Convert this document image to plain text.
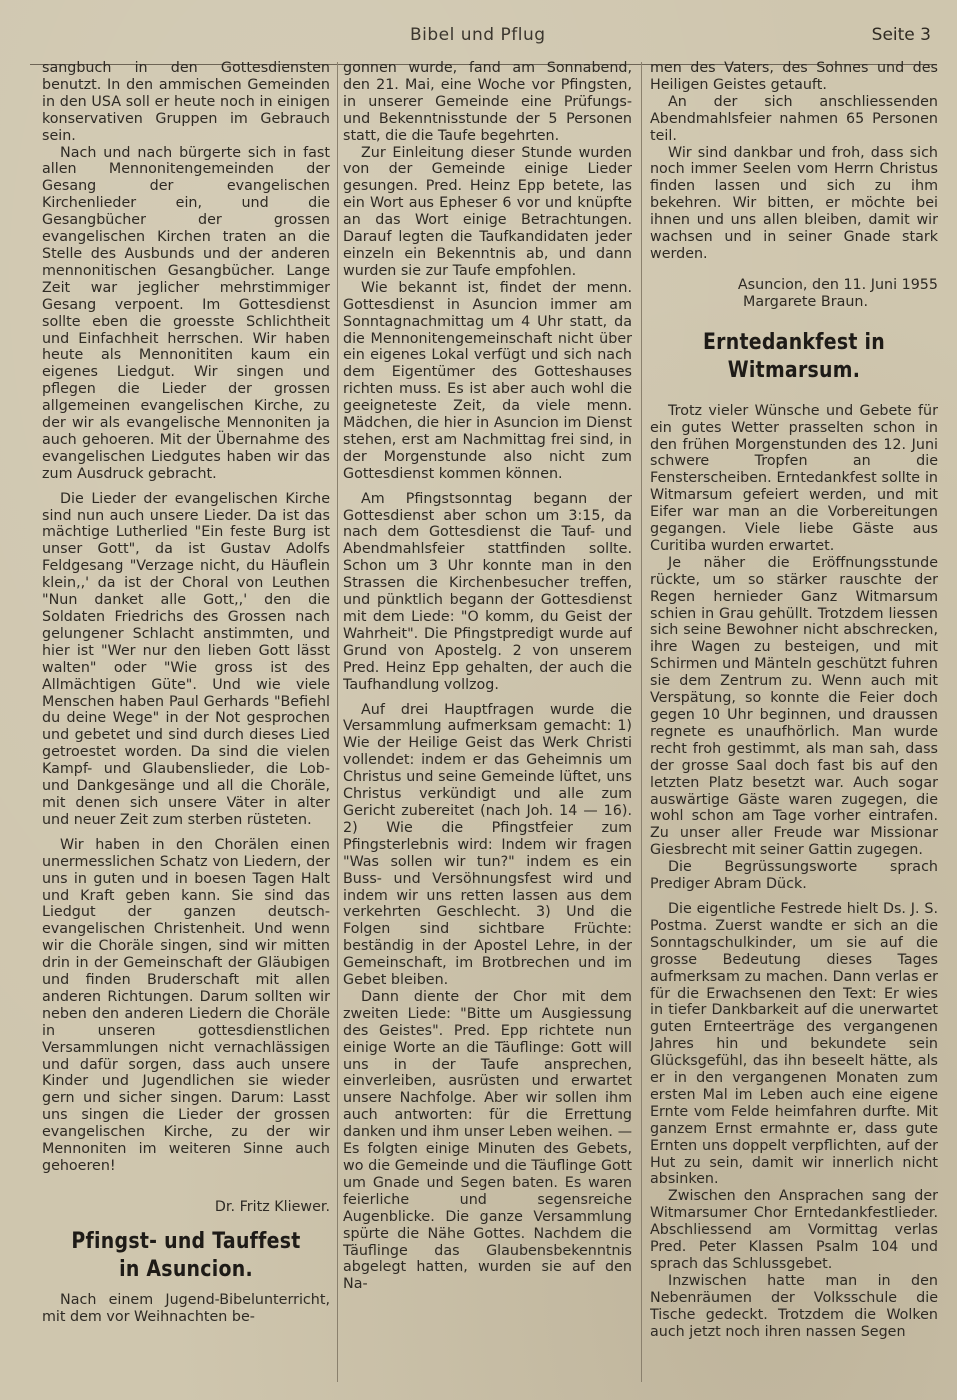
Bibel und Pflug	Seite 3

sangbuch in den Gottesdiensten benutzt. In den ammischen Gemeinden in den USA soll er heute noch in einigen konservativen Gruppen im Gebrauch sein.

Nach und nach bürgerte sich in fast allen Mennonitengemeinden der Gesang der evangelischen Kirchenlieder ein, und die Gesangbücher der grossen evangelischen Kirchen traten an die Stelle des Ausbunds und der anderen mennonitischen Gesangbücher. Lange Zeit war jeglicher mehrstimmiger Gesang verpoent. Im Gottesdienst sollte eben die groesste Schlichtheit und Einfachheit herrschen. Wir haben heute als Mennonititen kaum ein eigenes Liedgut. Wir singen und pflegen die Lieder der grossen allgemeinen evangelischen Kirche, zu der wir als evangelische Mennoniten ja auch gehoeren. Mit der Übernahme des evangelischen Liedgutes haben wir das zum Ausdruck gebracht.

Die Lieder der evangelischen Kirche sind nun auch unsere Lieder. Da ist das mächtige Lutherlied "Ein feste Burg ist unser Gott", da ist Gustav Adolfs Feldgesang "Verzage nicht, du Häuflein klein,,' da ist der Choral von Leuthen "Nun danket alle Gott,,' den die Soldaten Friedrichs des Grossen nach gelungener Schlacht anstimmten, und hier ist "Wer nur den lieben Gott lässt walten" oder "Wie gross ist des Allmächtigen Güte". Und wie viele Menschen haben Paul Gerhards "Befiehl du deine Wege" in der Not gesprochen und gebetet und sind durch dieses Lied getroestet worden. Da sind die vielen Kampf- und Glaubenslieder, die Lob- und Dankgesänge und all die Choräle, mit denen sich unsere Väter in alter und neuer Zeit zum sterben rüsteten.

Wir haben in den Chorälen einen unermesslichen Schatz von Liedern, der uns in guten und in boesen Tagen Halt und Kraft geben kann. Sie sind das Liedgut der ganzen deutsch-evangelischen Christenheit. Und wenn wir die Choräle singen, sind wir mitten drin in der Gemeinschaft der Gläubigen und finden Bruderschaft mit allen anderen Richtungen. Darum sollten wir neben den anderen Liedern die Choräle in unseren gottesdienstlichen Versammlungen nicht vernachlässigen und dafür sorgen, dass auch unsere Kinder und Jugendlichen sie wieder gern und sicher singen. Darum: Lasst uns singen die Lieder der grossen evangelischen Kirche, zu der wir Mennoniten im weiteren Sinne auch gehoeren!

Dr. Fritz Kliewer.

Pfingst- und Tauffest in Asuncion.

Nach einem Jugend-Bibelunterricht, mit dem vor Weihnachten be-

gonnen wurde, fand am Sonnabend, den 21. Mai, eine Woche vor Pfingsten, in unserer Gemeinde eine Prüfungs- und Bekenntnisstunde der 5 Personen statt, die die Taufe begehrten.

Zur Einleitung dieser Stunde wurden von der Gemeinde einige Lieder gesungen. Pred. Heinz Epp betete, las ein Wort aus Epheser 6 vor und knüpfte an das Wort einige Betrachtungen. Darauf legten die Taufkandidaten jeder einzeln ein Bekenntnis ab, und dann wurden sie zur Taufe empfohlen.

Wie bekannt ist, findet der menn. Gottesdienst in Asuncion immer am Sonntagnachmittag um 4 Uhr statt, da die Mennonitengemeinschaft nicht über ein eigenes Lokal verfügt und sich nach dem Eigentümer des Gotteshauses richten muss. Es ist aber auch wohl die geeigneteste Zeit, da viele menn. Mädchen, die hier in Asuncion im Dienst stehen, erst am Nachmittag frei sind, in der Morgenstunde also nicht zum Gottesdienst kommen können.

Am Pfingstsonntag begann der Gottesdienst aber schon um 3:15, da nach dem Gottesdienst die Tauf- und Abendmahlsfeier stattfinden sollte. Schon um 3 Uhr konnte man in den Strassen die Kirchenbesucher treffen, und pünktlich begann der Gottesdienst mit dem Liede: "O komm, du Geist der Wahrheit". Die Pfingstpredigt wurde auf Grund von Apostelg. 2 von unserem Pred. Heinz Epp gehalten, der auch die Taufhandlung vollzog.

Auf drei Hauptfragen wurde die Versammlung aufmerksam gemacht: 1) Wie der Heilige Geist das Werk Christi vollendet: indem er das Geheimnis um Christus und seine Gemeinde lüftet, uns Christus verkündigt und alle zum Gericht zubereitet (nach Joh. 14 — 16). 2) Wie die Pfingstfeier zum Pfingsterlebnis wird: Indem wir fragen "Was sollen wir tun?" indem es ein Buss- und Versöhnungsfest wird und indem wir uns retten lassen aus dem verkehrten Geschlecht. 3) Und die Folgen sind sichtbare Früchte: beständig in der Apostel Lehre, in der Gemeinschaft, im Brotbrechen und im Gebet bleiben.

Dann diente der Chor mit dem zweiten Liede: "Bitte um Ausgiessung des Geistes". Pred. Epp richtete nun einige Worte an die Täuflinge: Gott will uns in der Taufe ansprechen, einverleiben, ausrüsten und erwartet unsere Nachfolge. Aber wir sollen ihm auch antworten: für die Errettung danken und ihm unser Leben weihen. — Es folgten einige Minuten des Gebets, wo die Gemeinde und die Täuflinge Gott um Gnade und Segen baten. Es waren feierliche und segensreiche Augenblicke. Die ganze Versammlung spürte die Nähe Gottes. Nachdem die Täuflinge das Glaubensbekenntnis abgelegt hatten, wurden sie auf den Na-

men des Vaters, des Sohnes und des Heiligen Geistes getauft.

An der sich anschliessenden Abendmahlsfeier nahmen 65 Personen teil.

Wir sind dankbar und froh, dass sich noch immer Seelen vom Herrn Christus finden lassen und sich zu ihm bekehren. Wir bitten, er möchte bei ihnen und uns allen bleiben, damit wir wachsen und in seiner Gnade stark werden.

Asuncion, den 11. Juni 1955

Margarete Braun.

Erntedankfest in Witmarsum.

Trotz vieler Wünsche und Gebete für ein gutes Wetter prasselten schon in den frühen Morgenstunden des 12. Juni schwere Tropfen an die Fensterscheiben. Erntedankfest sollte in Witmarsum gefeiert werden, und mit Eifer war man an die Vorbereitungen gegangen. Viele liebe Gäste aus Curitiba wurden erwartet.

Je näher die Eröffnungsstunde rückte, um so stärker rauschte der Regen hernieder Ganz Witmarsum schien in Grau gehüllt. Trotzdem liessen sich seine Bewohner nicht abschrecken, ihre Wagen zu besteigen, und mit Schirmen und Mänteln geschützt fuhren sie dem Zentrum zu. Wenn auch mit Verspätung, so konnte die Feier doch gegen 10 Uhr beginnen, und draussen regnete es unaufhörlich. Man wurde recht froh gestimmt, als man sah, dass der grosse Saal doch fast bis auf den letzten Platz besetzt war. Auch sogar auswärtige Gäste waren zugegen, die wohl schon am Tage vorher eintrafen. Zu unser aller Freude war Missionar Giesbrecht mit seiner Gattin zugegen.

Die Begrüssungsworte sprach Prediger Abram Dück.

Die eigentliche Festrede hielt Ds. J. S. Postma. Zuerst wandte er sich an die Sonntagschulkinder, um sie auf die grosse Bedeutung dieses Tages aufmerksam zu machen. Dann verlas er für die Erwachsenen den Text: Er wies in tiefer Dankbarkeit auf die unerwartet guten Ernteerträge des vergangenen Jahres hin und bekundete sein Glücksgefühl, das ihn beseelt hätte, als er in den vergangenen Monaten zum ersten Mal im Leben auch eine eigene Ernte vom Felde heimfahren durfte. Mit ganzem Ernst ermahnte er, dass gute Ernten uns doppelt verpflichten, auf der Hut zu sein, damit wir innerlich nicht absinken.

Zwischen den Ansprachen sang der Witmarsumer Chor Erntedankfestlieder. Abschliessend am Vormittag verlas Pred. Peter Klassen Psalm 104 und sprach das Schlussgebet.

Inzwischen hatte man in den Nebenräumen der Volksschule die Tische gedeckt. Trotzdem die Wolken auch jetzt noch ihren nassen Segen
